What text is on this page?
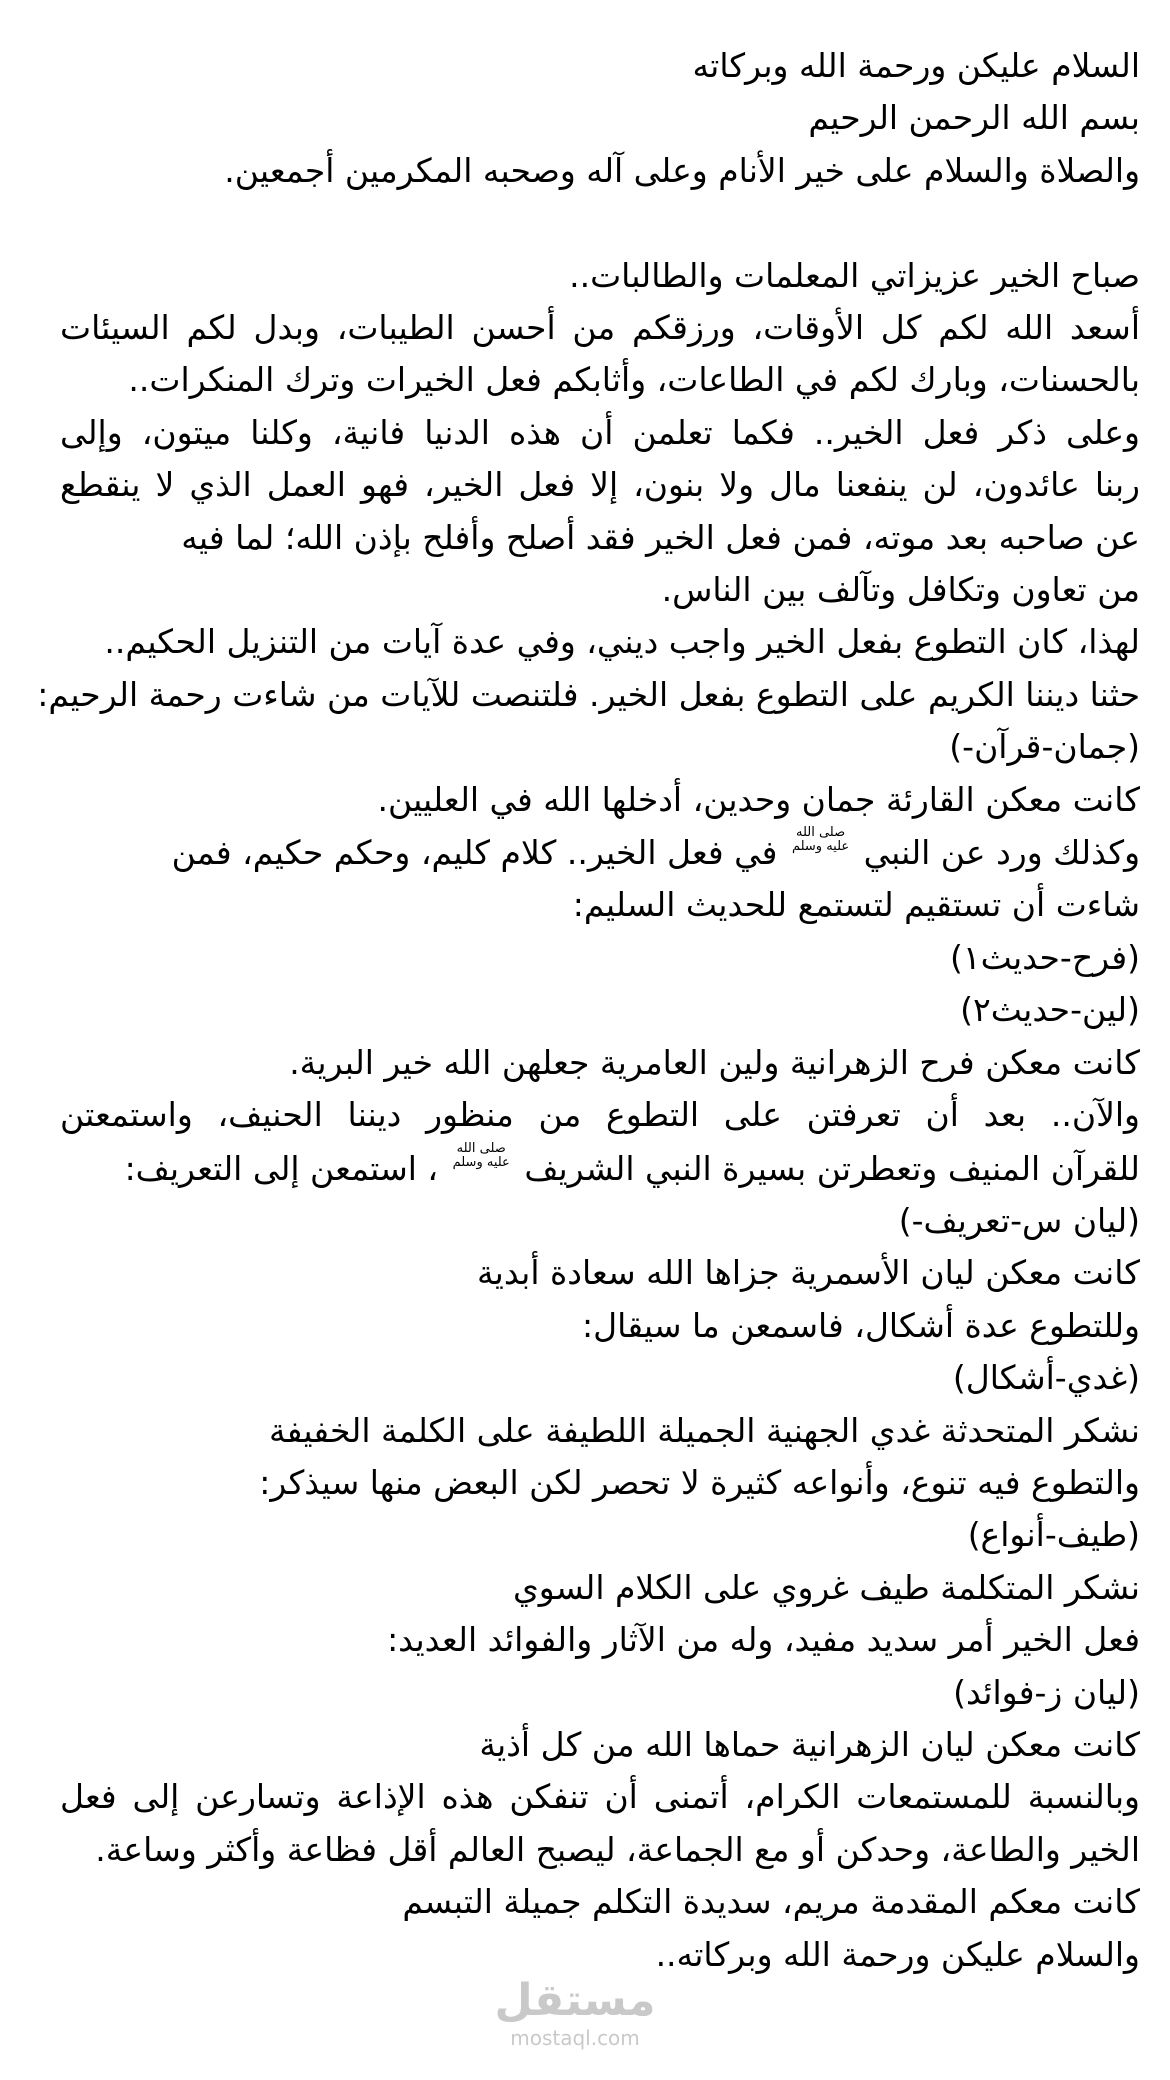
السلام عليكن ورحمة الله وبركاته
بسم الله الرحمن الرحيم
والصلاة والسلام على خير الأنام وعلى آله وصحبه المكرمين أجمعين.
صباح الخير عزيزاتي المعلمات والطالبات..
أسعد الله لكم كل الأوقات، ورزقكم من أحسن الطيبات، وبدل لكم السيئات
بالحسنات، وبارك لكم في الطاعات، وأثابكم فعل الخيرات وترك المنكرات..
وعلى ذكر فعل الخير.. فكما تعلمن أن هذه الدنيا فانية، وكلنا ميتون، وإلى
ربنا عائدون، لن ينفعنا مال ولا بنون، إلا فعل الخير، فهو العمل الذي لا ينقطع
عن صاحبه بعد موته، فمن فعل الخير فقد أصلح وأفلح بإذن الله؛ لما فيه
من تعاون وتكافل وتآلف بين الناس.
لهذا، كان التطوع بفعل الخير واجب ديني، وفي عدة آيات من التنزيل الحكيم..
حثنا ديننا الكريم على التطوع بفعل الخير. فلتنصت للآيات من شاءت رحمة الرحيم:
(جمان-قرآن-)
كانت معكن القارئة جمان وحدين، أدخلها الله في العليين.
وكذلك ورد عن النبي
صلى الله
عليه وسلم
في فعل الخير.. كلام كليم، وحكم حكيم، فمن
شاءت أن تستقيم لتستمع للحديث السليم:
(فرح-حديث١)
(لين-حديث٢)
كانت معكن فرح الزهرانية ولين العامرية جعلهن الله خير البرية.
والآن.. بعد أن تعرفتن على التطوع من منظور ديننا الحنيف، واستمعتن
للقرآن المنيف وتعطرتن بسيرة النبي الشريف
صلى الله
عليه وسلم
، استمعن إلى التعريف:
(ليان س-تعريف-)
كانت معكن ليان الأسمرية جزاها الله سعادة أبدية
وللتطوع عدة أشكال، فاسمعن ما سيقال:
(غدي-أشكال)
نشكر المتحدثة غدي الجهنية الجميلة اللطيفة على الكلمة الخفيفة
والتطوع فيه تنوع، وأنواعه كثيرة لا تحصر لكن البعض منها سيذكر:
(طيف-أنواع)
نشكر المتكلمة طيف غروي على الكلام السوي
فعل الخير أمر سديد مفيد، وله من الآثار والفوائد العديد:
(ليان ز-فوائد)
كانت معكن ليان الزهرانية حماها الله من كل أذية
وبالنسبة للمستمعات الكرام، أتمنى أن تنفكن هذه الإذاعة وتسارعن إلى فعل
الخير والطاعة، وحدكن أو مع الجماعة، ليصبح العالم أقل فظاعة وأكثر وساعة.
كانت معكم المقدمة مريم، سديدة التكلم جميلة التبسم
والسلام عليكن ورحمة الله وبركاته..
مستقل
mostaql.com
